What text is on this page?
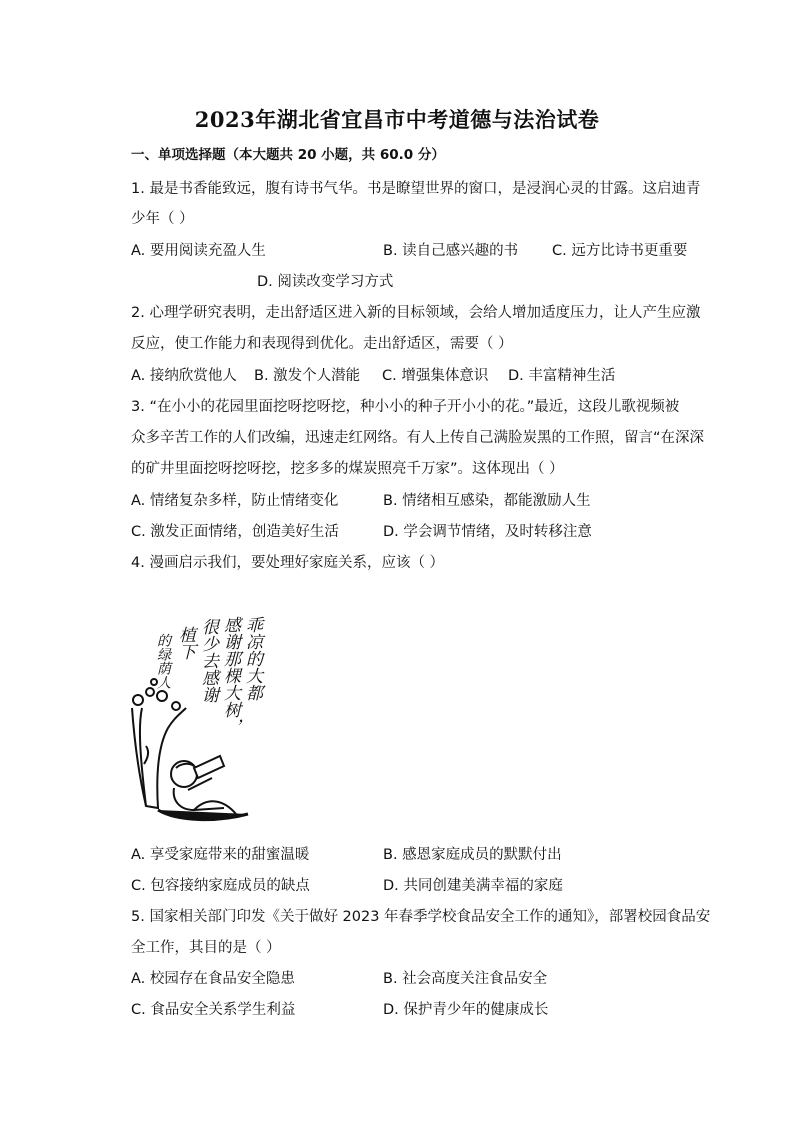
2023年湖北省宜昌市中考道德与法治试卷
一、单项选择题（本大题共 20 小题，共 60.0 分）
1. 最是书香能致远，腹有诗书气华。书是瞭望世界的窗口，是浸润心灵的甘露。这启迪青
少年（ ）
A. 要用阅读充盈人生	B. 读自己感兴趣的书 C. 远方比诗书更重要
D. 阅读改变学习方式
2. 心理学研究表明，走出舒适区进入新的目标领域，会给人增加适度压力，让人产生应激
反应，使工作能力和表现得到优化。走出舒适区，需要（ ）
A. 接纳欣赏他人 B. 激发个人潜能 C. 增强集体意识 D. 丰富精神生活
3. “在小小的花园里面挖呀挖呀挖，种小小的种子开小小的花。”最近，这段儿歌视频被
众多辛苦工作的人们改编，迅速走红网络。有人上传自己满脸炭黑的工作照，留言“在深深
的矿井里面挖呀挖呀挖，挖多多的煤炭照亮千万家”。这体现出（ ）
A. 情绪复杂多样，防止情绪变化	B. 情绪相互感染，都能激励人生
C. 激发正面情绪，创造美好生活	D. 学会调节情绪，及时转移注意
4. 漫画启示我们，要处理好家庭关系，应该（ ）
乖凉的大都
感谢那棵大树，
很少去感谢
植下
的绿荫人
A. 享受家庭带来的甜蜜温暖	B. 感恩家庭成员的默默付出
C. 包容接纳家庭成员的缺点	D. 共同创建美满幸福的家庭
5. 国家相关部门印发《关于做好 2023 年春季学校食品安全工作的通知》，部署校园食品安
全工作，其目的是（ ）
A. 校园存在食品安全隐患	B. 社会高度关注食品安全
C. 食品安全关系学生利益	D. 保护青少年的健康成长
